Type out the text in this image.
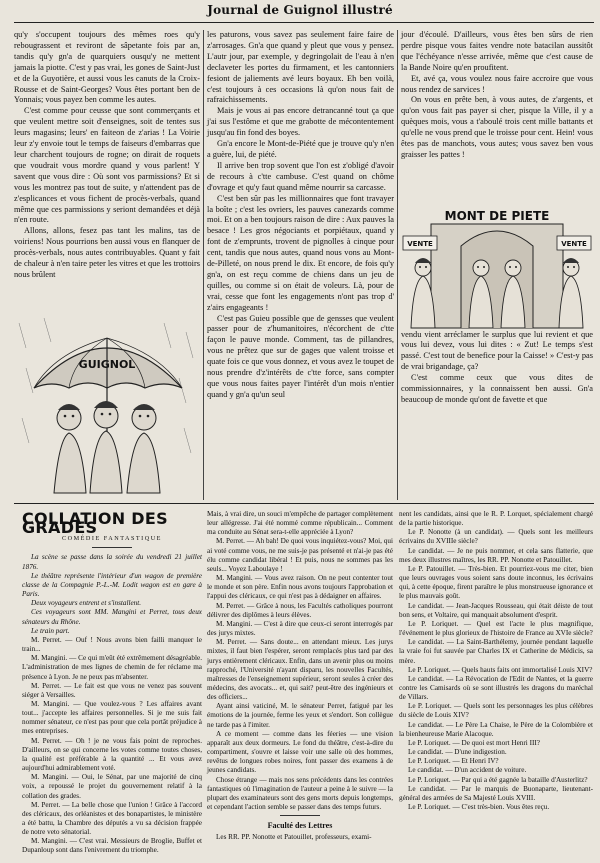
Journal de Guignol illustré

qu'y s'occupent toujours des mêmes roes qu'y rebougrassent et reviront de sâpetante fois par an, tandis qu'y gn'a de quarquiers ousqu'y ne mettent jamais la piotte. C'est y pas vrai, les gones de Saint-Just et de la Guyotière, et aussi vous les canuts de la Croix-Rousse et de Saint-Georges? Vous êtes portant ben de Yonnais; vous payez ben comme les autes.

C'est comme pour ceusse que sont commerçants et que veulent mettre soit d'enseignes, soit de tentes sus leurs magasins; leurs' en faiteon de z'arias ! La Voirie leur z'y envoie tout le temps de faiseurs d'embarras que leur charchent toujours de rogne; on dirait de roquets que voudrait vous mordre quand y vous parlent! Y savent que vous dire : Où sont vos parmissions? Et si vous les montrez pas tout de suite, y n'attendent pas de z'esplicances et vous fichent de procès-verbals, quand même que ces parmissions y seriont demandées et déjà n'en route.

Allons, allons, fesez pas tant les malins, tas de voiriens! Nous pourrions ben aussi vous en flanquer de procès-verbals, nous autes contribuyables. Quant y fait de chaleur à n'en taire peter les vitres et que les trottoirs nous brûlent

GUIGNOL

les paturons, vous savez pas seulement faire faire de z'arrosages. Gn'a que quand y pleut que vous y pensez. L'autr jour, par exemple, y degringolait de l'eau à n'en declaveter les portes du firmament, et les cantonniers fesiont de jaliements avé leurs boyaux. Eh ben voilà, c'est toujours à ces occasions là qu'on nous fait de rafraichissements.

Mais je vous ai pas encore detrancanné tout ça que j'ai sus l'estôme et que me grabotte de mécontentement jusqu'au fin fond des boyes.

Gn'a encore le Mont-de-Piété que je trouve qu'y n'en a guère, lui, de piété.

Il arrive ben trop sovent que l'on est z'obligé d'avoir de recours à c'tte cambuse. C'est quand on chôme d'ovrage et qu'y faut quand même nourrir sa carcasse.

C'est ben sûr pas les millionnaires que font travayer la boîte ; c'est les ovriers, les pauves canezards comme moi. Et on a ben toujours raison de dire : Aux pauves la besace ! Les gros négociants et porpiétaux, quand y font de z'emprunts, trovent de pignolles à cinque pour cent, tandis que nous autes, quand nous vons au Mont-de-Pilleté, on nous prend le dix. Et encore, de fois qu'y gn'a, on est reçu comme de chiens dans un jeu de quilles, ou comme si on était de voleurs. Là, pour de vrai, cesse que font les engagements n'ont pas trop d' z'airs engageants !

C'est pas Guieu possible que de gensses que veulent passer pour de z'humanitoires, n'écorchent de c'tte façon le pauve monde. Comment, tas de pillandres, vous ne prêtez que sur de gages que valent troisse et quate fois ce que vous donnez, et vous avez le toupet de nous prendre d'z'intérêts de c'tte force, sans compter que vous nous faites payer l'intérêt d'un mois n'entier quand y gn'a qu'un seul

jour d'écoulé. D'ailleurs, vous êtes ben sûrs de rien perdre pisque vous faites vendre note batacilan aussitôt que l'échéyance n'esse arrivée, même que c'est cause de la Bande Noire qu'en proufitent.

Et, avé ça, vous voulez nous faire accroire que vous nous rendez de sarvices !

On vous en prête ben, à vous autes, de z'argents, et qu'on vous fait pas payer si cher, pisque la Ville, il y a quèques mois, vous a t'aboulé trois cent mille battants et qu'elle ne vous prend que le troisse pour cent. Hein! vous êtes pas de manchots, vous autes; vous savez ben vous graisser les pattes !

vendu vient arréclamer le surplus que lui revient et que vous lui devez, vous lui dites : « Zut! Le temps s'est passé. C'est tout de benefice pour la Caisse! » C'est-y pas de vrai brigandage, ça?

C'est comme ceux que vous dites de commissionnaires, y la connaissent ben aussi. Gn'a beaucoup de monde qu'ont de favette et que

MONT DE PIETE
VENTE	VENTE
COLLATION DES GRADES
COMÉDIE FANTASTIQUE

La scène se passe dans la soirée du vendredi 21 juillet 1876.

Le théâtre représente l'intérieur d'un wagon de première classe de la Compagnie P.-L.-M. Lodit wagon est en gare à Paris.

Deux voyageurs entrent et s'installent.

Ces voyageurs sont MM. Mangini et Perret, tous deux sénateurs du Rhône.

Le train part.

M. Perret. — Ouf ! Nous avons bien failli manquer le train...

M. Mangini. — Ce qui m'eût été extrêmement désagréable. L'administration de mes lignes de chemin de fer réclame ma présence à Lyon. Je ne peux pas m'absenter.

M. Perret. — Le fait est que vous ne venez pas souvent siéger à Versailles.

M. Mangini. — Que voulez-vous ? Les affaires avant tout... j'accepte les affaires personnelles. Si je me suis fait nommer sénateur, ce n'est pas pour que cela portât préjudice à mes entreprises.

M. Perret. — Oh ! je ne vous fais point de reproches. D'ailleurs, on se qui concerne les votes comme toutes choses, la qualité est préférable à la quantité ... Et vous avez aujourd'hui admirablement voté.

M. Mangini. — Oui, le Sénat, par une majorité de cinq voix, a repoussé le projet du gouvernement relatif à la collation des grades.

M. Perret. — La belle chose que l'union ! Grâce à l'accord des cléricaux, des orléanistes et des bonapartistes, le ministère a été battu, la Chambre des députés a vu sa décision frappée de notre veto sénatorial.

M. Mangini. — C'est vrai. Messieurs de Broglie, Buffet et Dupanloup sont dans l'enivrement du triomphe.

Mais, à vrai dire, un souci m'empêche de partager complètement leur allégresse. J'ai été nommé comme républicain... Comment ma conduite au Sénat sera-t-elle appréciée à Lyon?

M. Perret. — Ah bah! De quoi vous inquiétez-vous? Moi, qui ai voté comme vous, ne me suis-je pas présenté et n'ai-je pas été élu comme candidat libéral ! Et puis, nous ne sommes pas les seuls... Voyez Laboulaye !

M. Mangini. — Vous avez raison. On ne peut contenter tout le monde et son père. Enfin nous avons toujours l'approbation et l'appui des cléricaux, ce qui n'est pas à dédaigner en affaires.

M. Perret. — Grâce à nous, les Facultés catholiques pourront délivrer des diplômes à leurs élèves.

M. Mangini. — C'est à dire que ceux-ci seront interrogés par des jurys mixtes.

M. Perret. — Sans doute... en attendant mieux. Les jurys mixtes, il faut bien l'espérer, seront remplacés plus tard par des jurys entièrement cléricaux. Enfin, dans un avenir plus ou moins rapproché, l'Université n'ayant disparu, les nouvelles Facultés, maîtresses de l'enseignement supérieur, seront seules à créer des médecins, des avocats... et, qui sait? peut-être des ingénieurs et des officiers...

Ayant ainsi vaticiné, M. le sénateur Perret, fatigué par les émotions de la journée, ferme les yeux et s'endort. Son collègue ne tarde pas à l'imiter.

A ce moment — comme dans les féeries — une vision apparaît aux deux dormeurs. Le fond du théâtre, c'est-à-dire du compartiment, s'ouvre et laisse voir une salle où des hommes, revêtus de longues robes noires, font passer des examens à de jeunes candidats.

Chose étrange — mais nos sens précédents dans les contrées fantastiques où l'imagination de l'auteur a peine à le suivre — la plupart des examinateurs sont des gens morts depuis longtemps, et cependant l'action semble se passer dans des temps futurs.

Faculté des Lettres

Les RR. PP. Nonotte et Patouillet, professeurs, exami-

nent les candidats, ainsi que le R. P. Lorquet, spécialement chargé de la partie historique.

Le P. Nonotte (à un candidat). — Quels sont les meilleurs écrivains du XVIIIe siècle?

Le candidat. — Je ne puis nommer, et cela sans flatterie, que mes deux illustres maîtres, les RR. PP. Nonotte et Patouillet.

Le P. Patouillet. — Très-bien. Et pourriez-vous me citer, bien que leurs ouvrages vous soient sans doute inconnus, les écrivains qui, à cette époque, firent paraître le plus monstrueuse ignorance et le plus mauvais goût.

Le candidat. — Jean-Jacques Rousseau, qui était déiste de tout bon sens, et Voltaire, qui manquait absolument d'esprit.

Le P. Loriquet. — Quel est l'acte le plus magnifique, l'événement le plus glorieux de l'histoire de France au XVIe siècle?

Le candidat. — La Saint-Barthélemy, journée pendant laquelle la vraie foi fut sauvée par Charles IX et Catherine de Médicis, sa mère.

Le P. Loriquet. — Quels hauts faits ont immortalisé Louis XIV?

Le candidat. — La Révocation de l'Edit de Nantes, et la guerre contre les Camisards où se sont illustrés les dragons du maréchal de Villars.

Le P. Loriquet. — Quels sont les personnages les plus célèbres du siècle de Louis XIV?

Le candidat. — Le Père La Chaise, le Père de la Colombière et la bienheureuse Marie Alacoque.

Le P. Loriquet. — De quoi est mort Henri III?

Le candidat. — D'une indigestion.

Le P. Loriquet. — Et Henri IV?

Le candidat. — D'un accident de voiture.

Le P. Loriquet. — Par qui a été gagnée la bataille d'Austerlitz?

Le candidat. — Par le marquis de Buonaparte, lieutenant-général des armées de Sa Majesté Louis XVIII.

Le P. Loriquet. — C'est très-bien. Vous êtes reçu.
